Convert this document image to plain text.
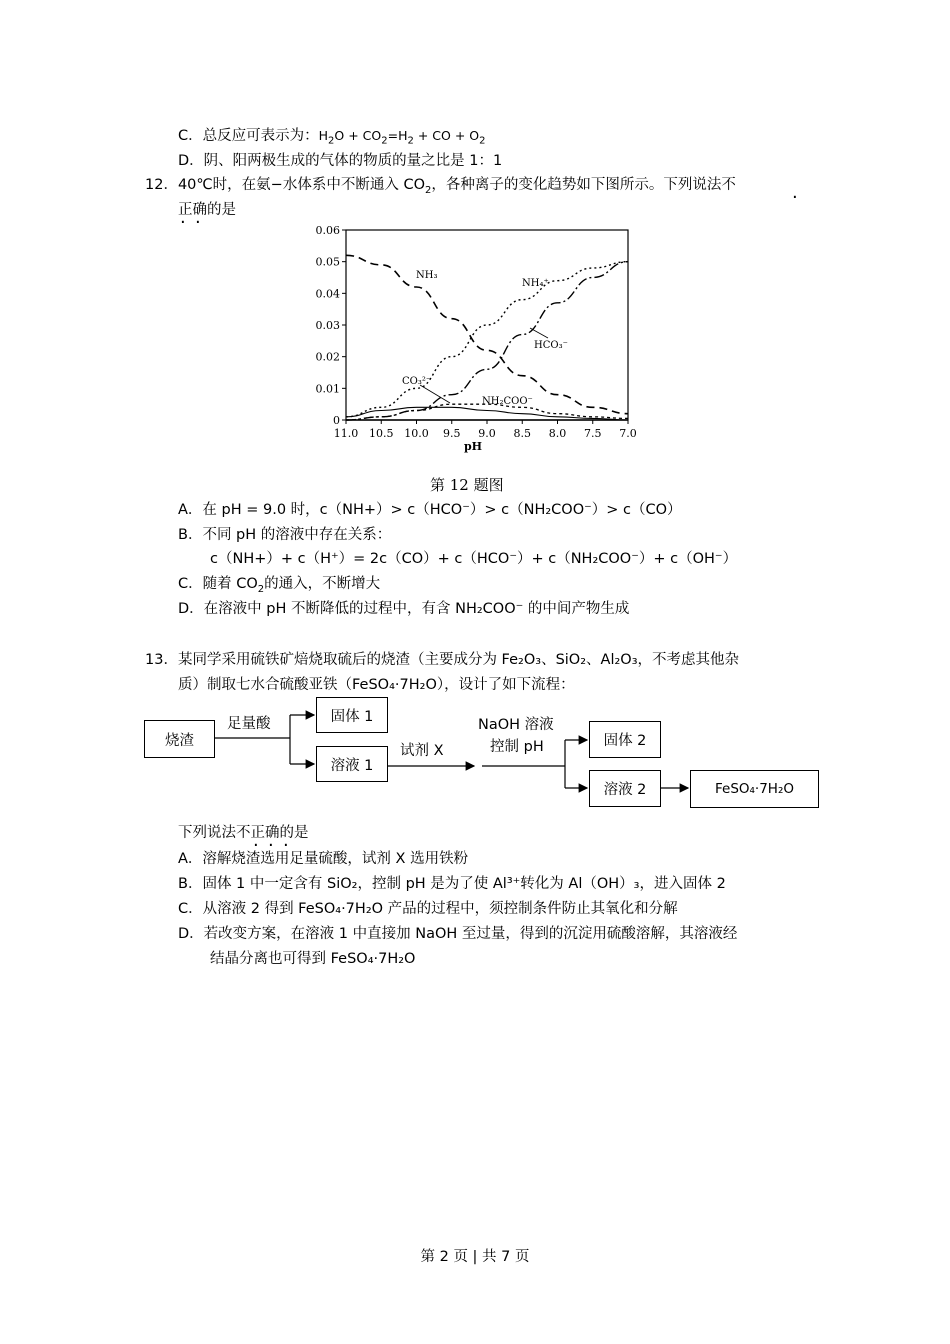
C．总反应可表示为：$H_2O + CO_2=H_2$ + CO + $O_2$
D．阴、阳两极生成的气体的物质的量之比是 1：1
12．40℃时，在氨−水体系中不断通入 $CO_2$，各种离子的变化趋势如下图所示。下列说法不
·
正确的是
· ·
11.0 10.5 10.0 9.5 9.0 8.5 8.0 7.5 7.0
0
0.01
0.02
0.03
0.04
0.05
0.06
pH
NH₃
NH₄⁺
HCO₃⁻
CO₃²⁻
NH₂COO⁻
第 12 题图
A．在 pH = 9.0 时，c（NH+）> c（HCO⁻）> c（NH₂COO⁻）> c（CO）
B．不同 pH 的溶液中存在关系：
c（NH+）+ c（H⁺）= 2c（CO）+ c（HCO⁻）+ c（NH₂COO⁻）+ c（OH⁻）
C．随着 $CO_2$的通入，不断增大
D．在溶液中 pH 不断降低的过程中，有含 NH₂COO⁻ 的中间产物生成
13．某同学采用硫铁矿焙烧取硫后的烧渣（主要成分为 Fe₂O₃、SiO₂、Al₂O₃，不考虑其他杂
质）制取七水合硫酸亚铁（FeSO₄·7H₂O），设计了如下流程：
烧渣
足量酸	固体 1
溶液 1
试剂 X
NaOH 溶液
控制 pH	固体 2
溶液 2	FeSO₄·7H₂O
下列说法不正确的是
· · ·
A．溶解烧渣选用足量硫酸，试剂 X 选用铁粉
B．固体 1 中一定含有 SiO₂，控制 pH 是为了使 Al³⁺转化为 Al（OH）₃，进入固体 2
C．从溶液 2 得到 FeSO₄·7H₂O 产品的过程中，须控制条件防止其氧化和分解
D．若改变方案，在溶液 1 中直接加 NaOH 至过量，得到的沉淀用硫酸溶解，其溶液经
结晶分离也可得到 FeSO₄·7H₂O
第 2 页 | 共 7 页
